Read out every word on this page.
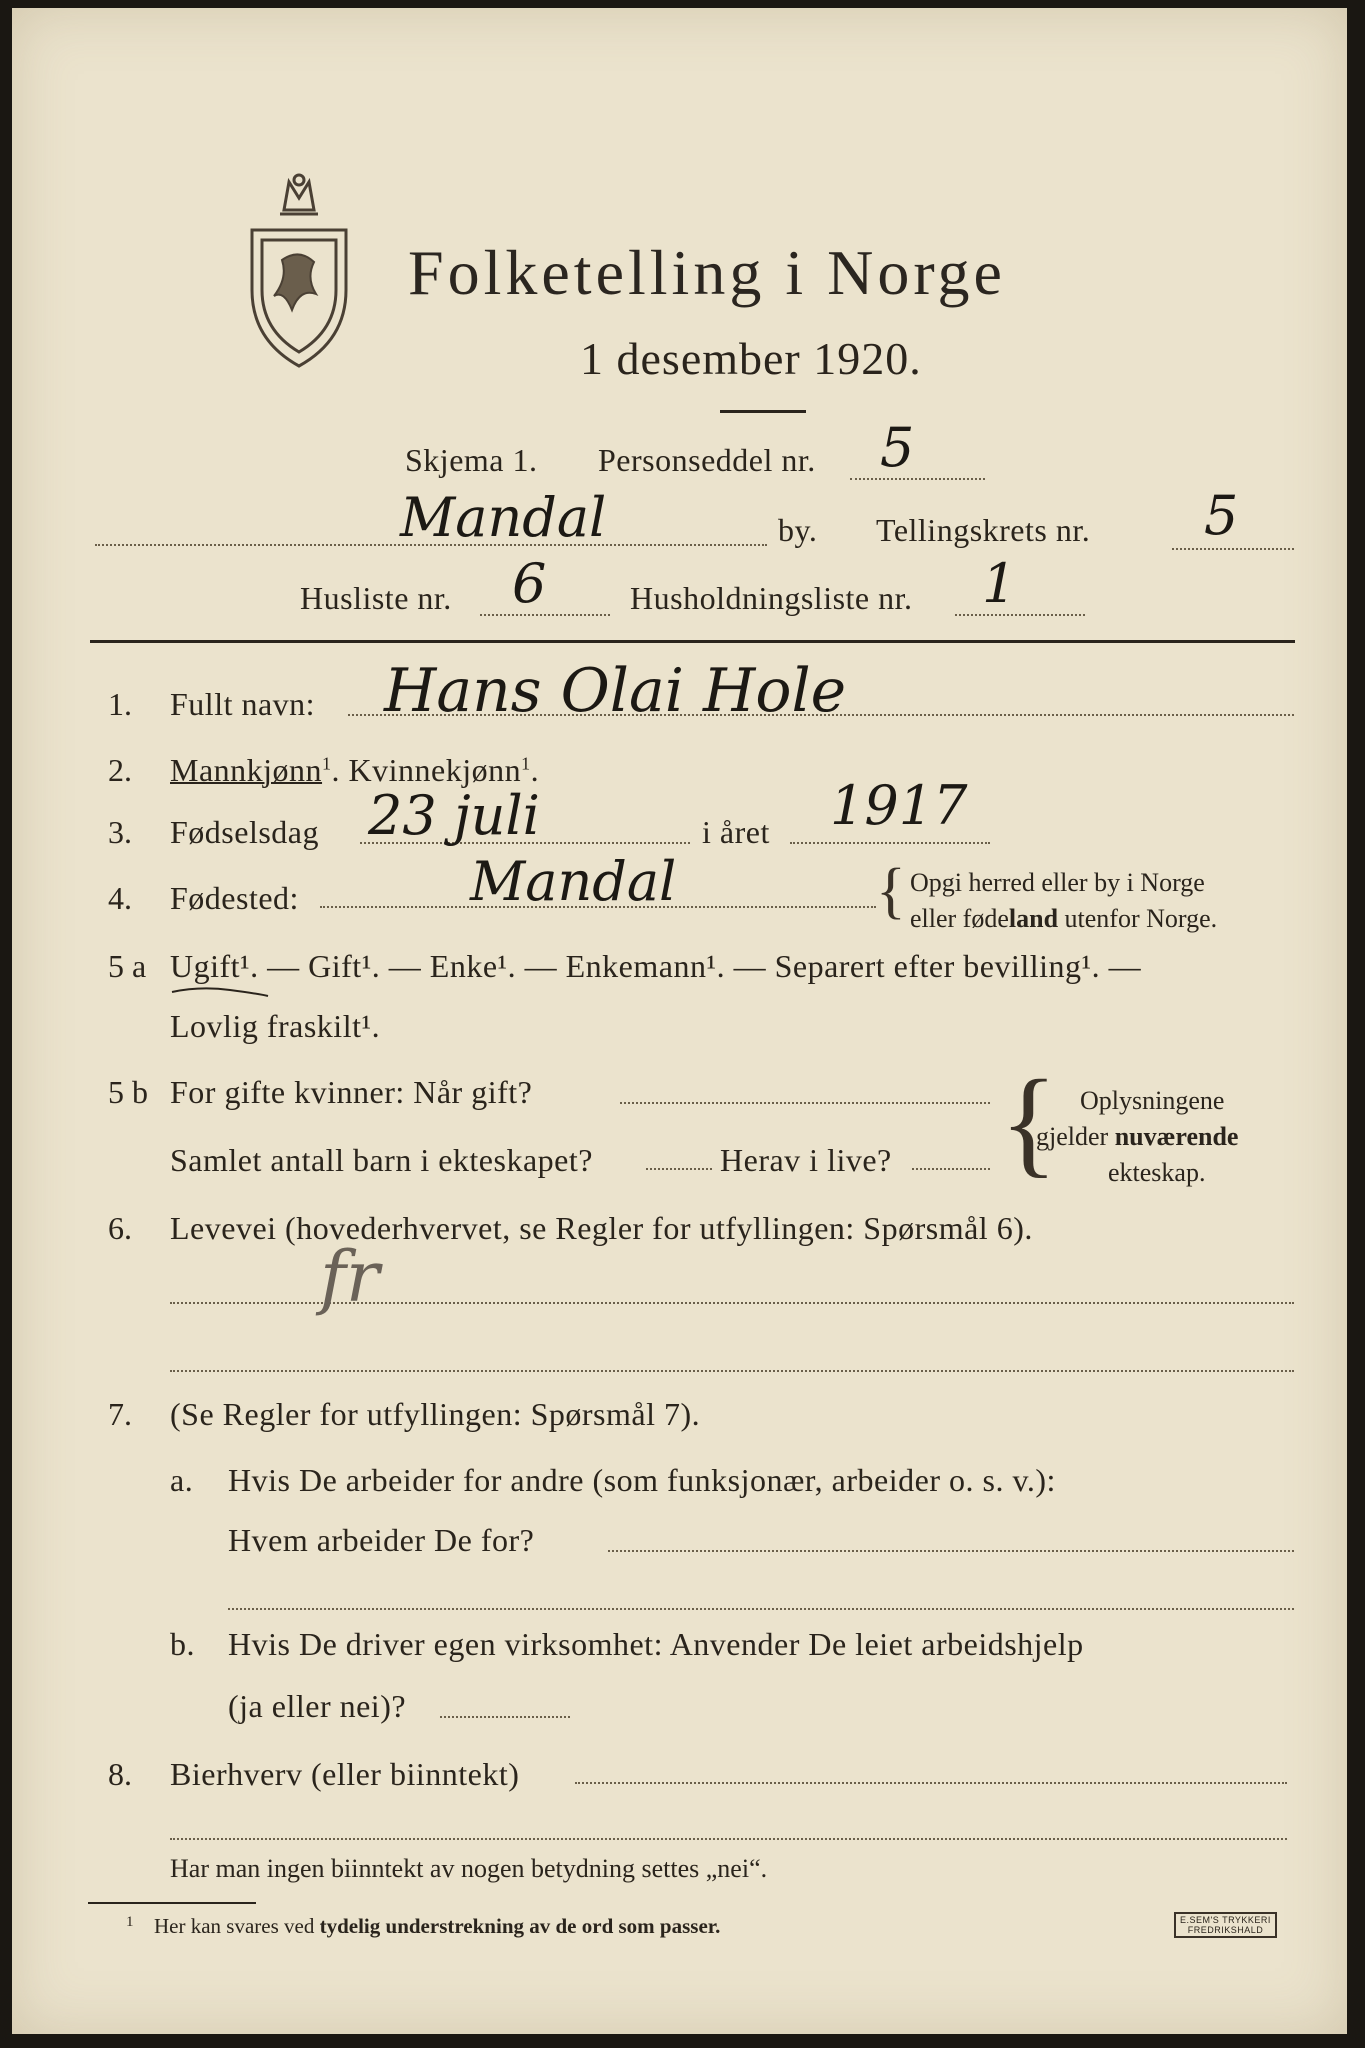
Folketelling i Norge
1 desember 1920.
Skjema 1. Personseddel nr. 5
Mandal	by. Tellingskrets nr. 5
Husliste nr. 6	Husholdningsliste nr. 1
1. Fullt navn: Hans Olai Hole
2. Mannkjønn$^1$. Kvinnekjønn$^1$.
3. Fødselsdag 23 juli	i året 1917
4. Fødested:	Mandal	{ Opgi herred eller by i Norge
eller fødeland utenfor Norge.
5 a Ugift¹. — Gift¹. — Enke¹. — Enkemann¹. — Separert efter bevilling¹. —
Lovlig fraskilt¹.
5 b For gifte kvinner: Når gift?
Samlet antall barn i ekteskapet?	Herav i live? { Oplysningene
gjelder nuværende
ekteskap.
6. Levevei (hovederhvervet, se Regler for utfyllingen: Spørsmål 6).
fr
7. (Se Regler for utfyllingen: Spørsmål 7).
a. Hvis De arbeider for andre (som funksjonær, arbeider o. s. v.):
Hvem arbeider De for?
b. Hvis De driver egen virksomhet: Anvender De leiet arbeidshjelp
(ja eller nei)?
8. Bierhverv (eller biinntekt)
Har man ingen biinntekt av nogen betydning settes „nei“.
1 Her kan svares ved tydelig understrekning av de ord som passer.	E.SEM'S TRYKKERI
FREDRIKSHALD
